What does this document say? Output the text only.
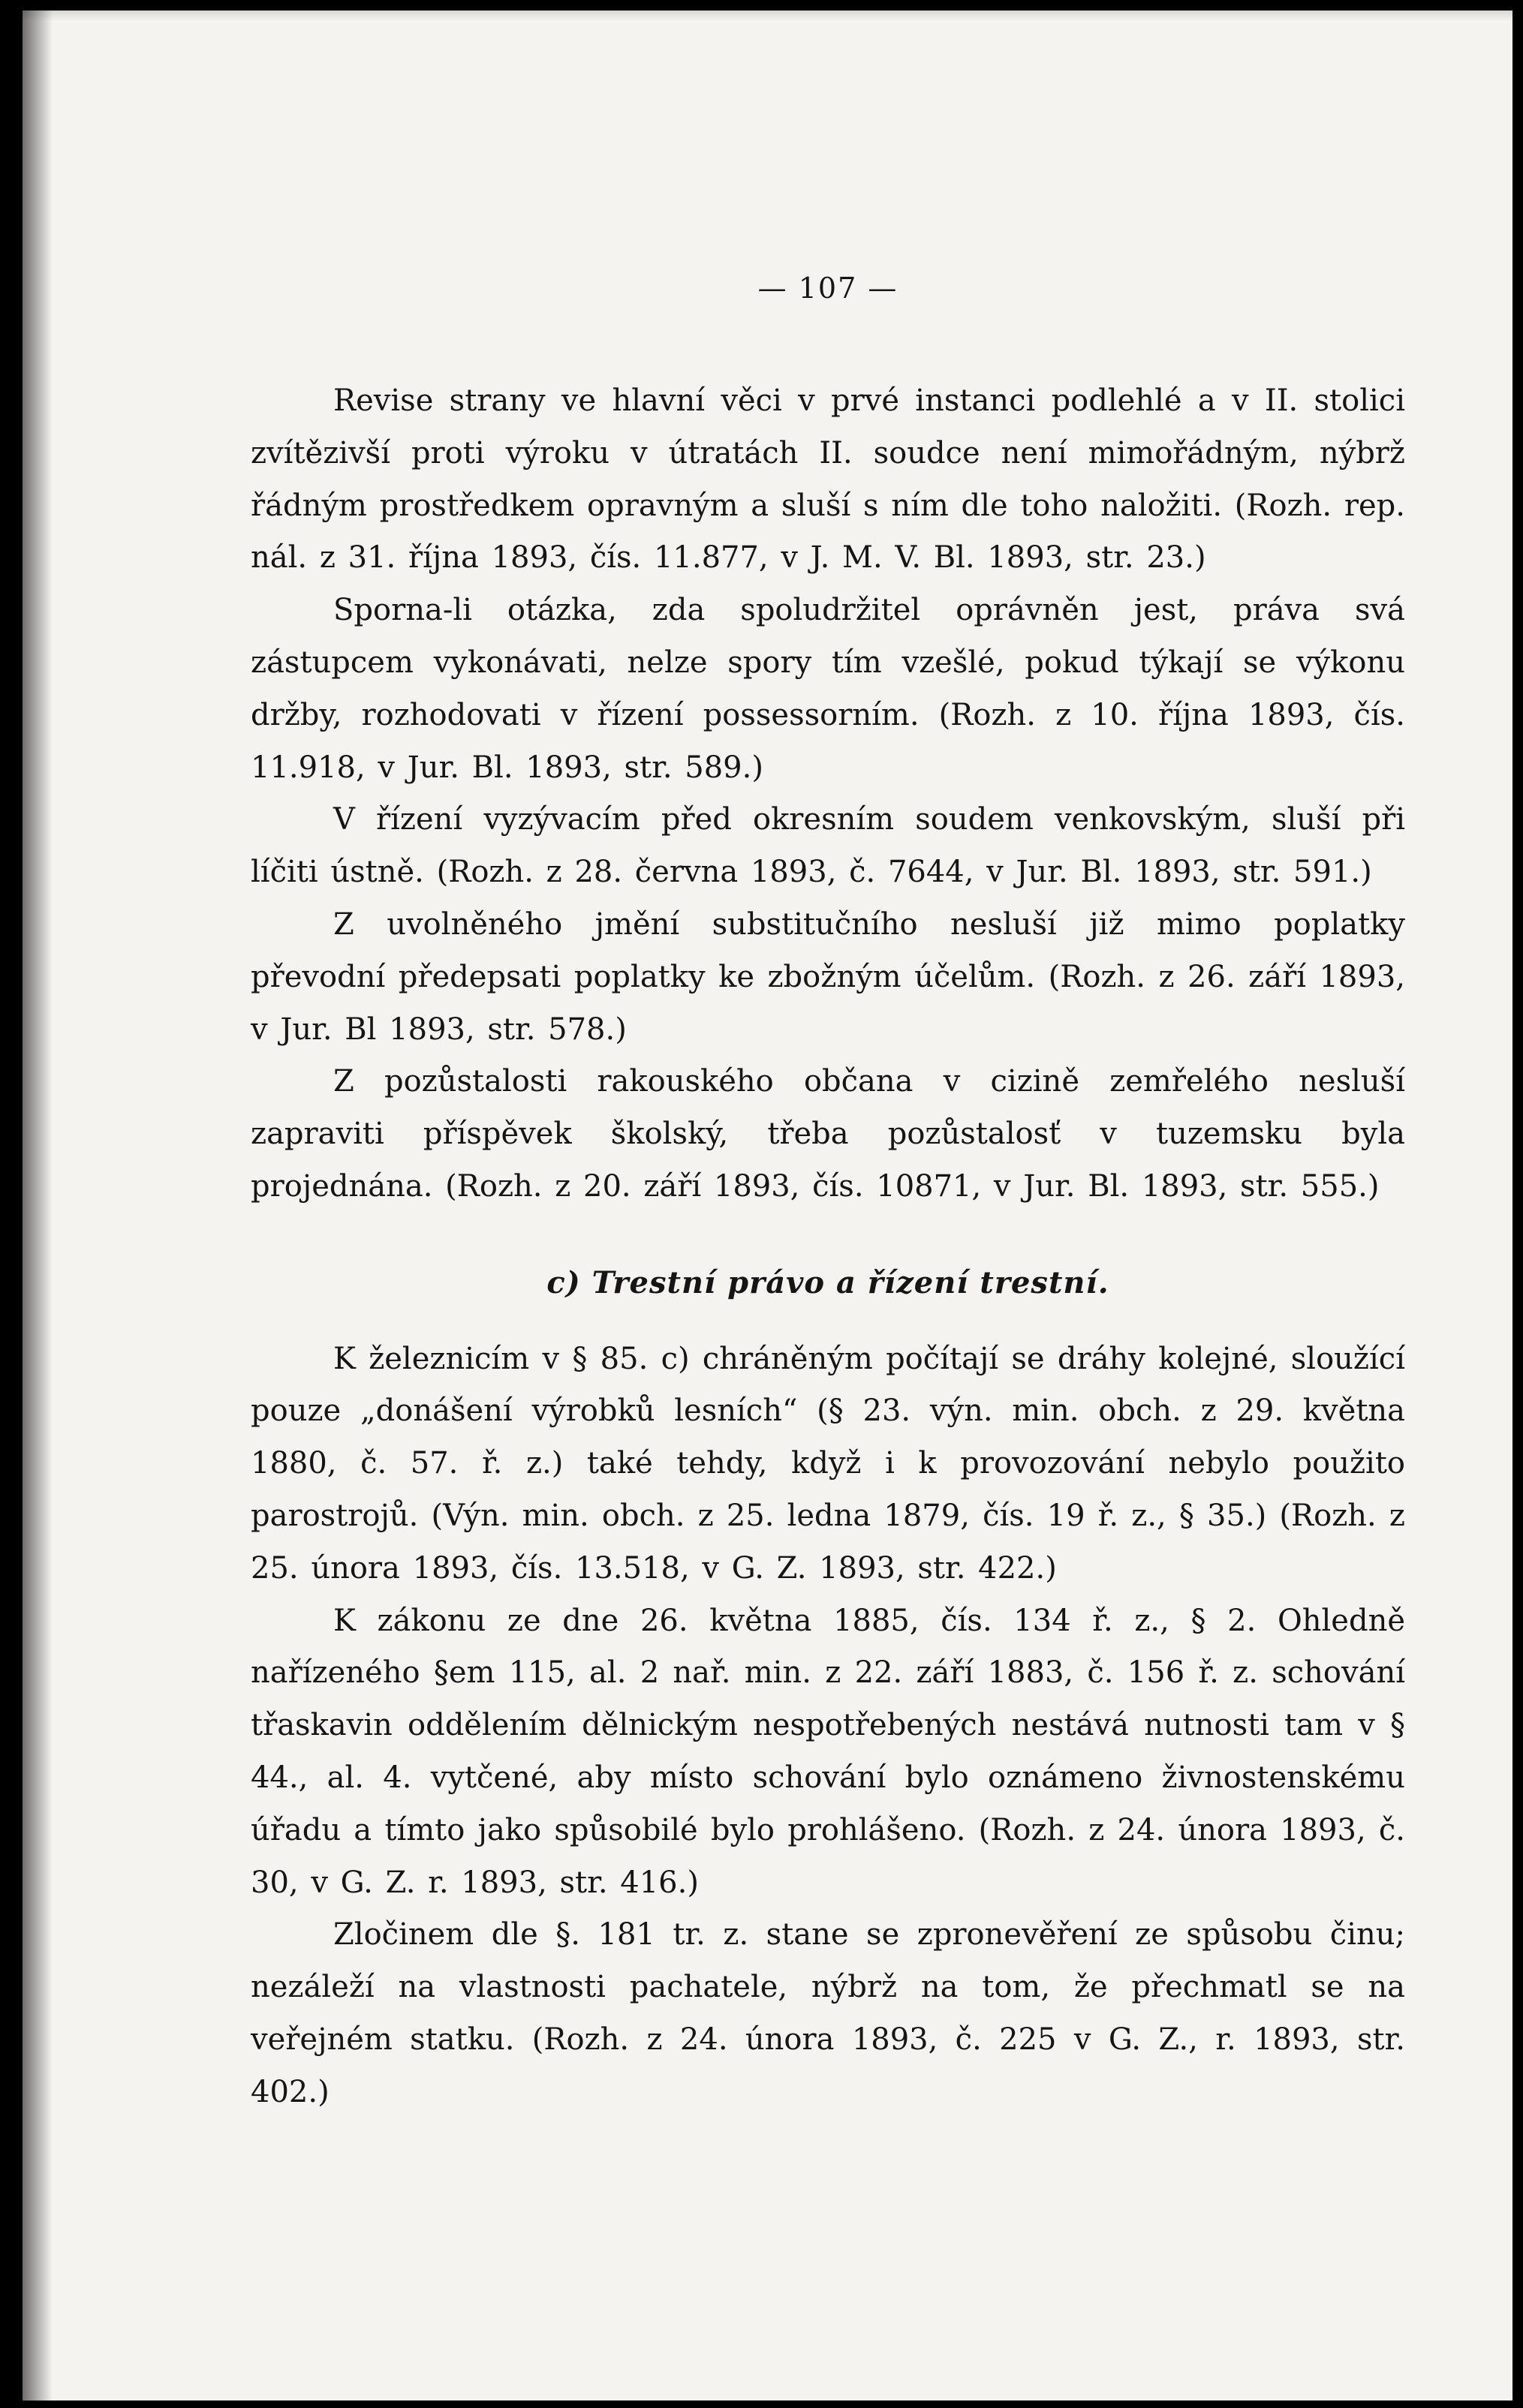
— 107 —

Revise strany ve hlavní věci v prvé instanci podlehlé a v II. stolici zvítězivší proti výroku v útratách II. soudce není mimořádným, nýbrž řádným prostředkem opravným a sluší s ním dle toho naložiti. (Rozh. rep. nál. z 31. října 1893, čís. 11.877, v J. M. V. Bl. 1893, str. 23.)

Sporna-li otázka, zda spoludržitel oprávněn jest, práva svá zástupcem vykonávati, nelze spory tím vzešlé, pokud týkají se výkonu držby, rozhodovati v řízení possessorním. (Rozh. z 10. října 1893, čís. 11.918, v Jur. Bl. 1893, str. 589.)

V řízení vyzývacím před okresním soudem venkovským, sluší při líčiti ústně. (Rozh. z 28. června 1893, č. 7644, v Jur. Bl. 1893, str. 591.)

Z uvolněného jmění substitučního nesluší již mimo poplatky převodní předepsati poplatky ke zbožným účelům. (Rozh. z 26. září 1893, v Jur. Bl 1893, str. 578.)

Z pozůstalosti rakouského občana v cizině zemřelého nesluší zapraviti příspěvek školský, třeba pozůstalosť v tuzemsku byla projednána. (Rozh. z 20. září 1893, čís. 10871, v Jur. Bl. 1893, str. 555.)

c) Trestní právo a řízení trestní.

K železnicím v § 85. c) chráněným počítají se dráhy kolejné, sloužící pouze „donášení výrobků lesních“ (§ 23. výn. min. obch. z 29. května 1880, č. 57. ř. z.) také tehdy, když i k provozování nebylo použito parostrojů. (Výn. min. obch. z 25. ledna 1879, čís. 19 ř. z., § 35.) (Rozh. z 25. února 1893, čís. 13.518, v G. Z. 1893, str. 422.)

K zákonu ze dne 26. května 1885, čís. 134 ř. z., § 2. Ohledně nařízeného §em 115, al. 2 nař. min. z 22. září 1883, č. 156 ř. z. schování třaskavin oddělením dělnickým nespotřebených nestává nutnosti tam v § 44., al. 4. vytčené, aby místo schování bylo oznámeno živnostenskému úřadu a tímto jako spůsobilé bylo prohlášeno. (Rozh. z 24. února 1893, č. 30, v G. Z. r. 1893, str. 416.)

Zločinem dle §. 181 tr. z. stane se zpronevěření ze spůsobu činu; nezáleží na vlastnosti pachatele, nýbrž na tom, že přechmatl se na veřejném statku. (Rozh. z 24. února 1893, č. 225 v G. Z., r. 1893, str. 402.)
